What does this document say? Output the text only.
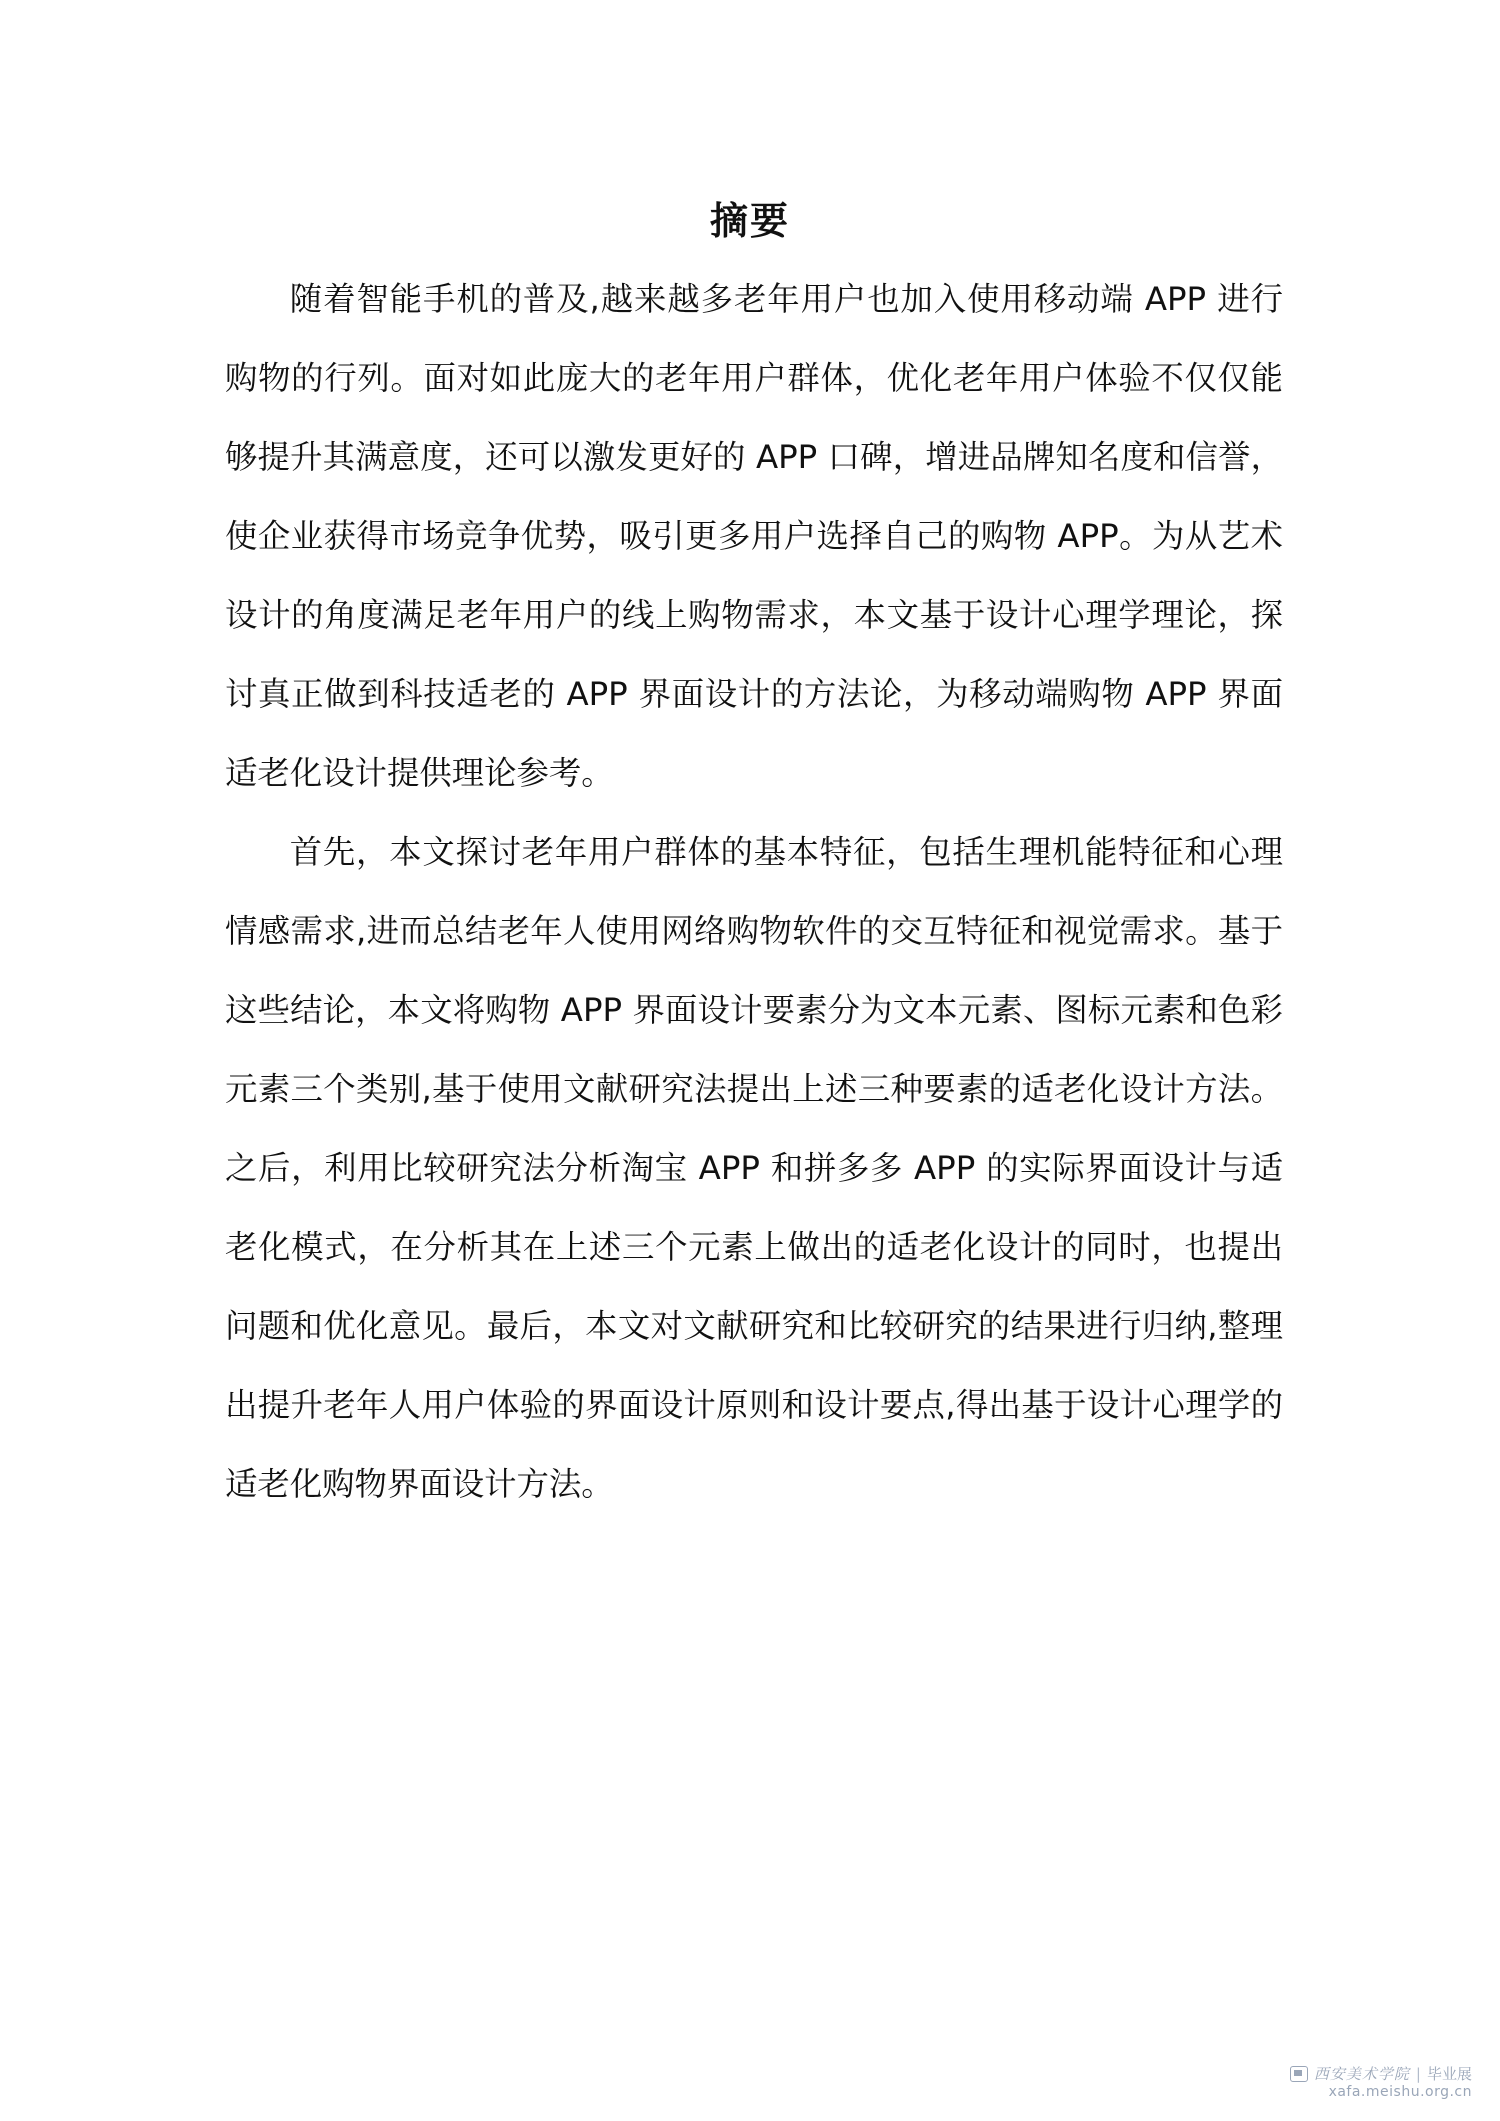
摘要

随着智能手机的普及,越来越多老年用户也加入使用移动端 APP 进行购物的行列。面对如此庞大的老年用户群体，优化老年用户体验不仅仅能够提升其满意度，还可以激发更好的 APP 口碑，增进品牌知名度和信誉，使企业获得市场竞争优势，吸引更多用户选择自己的购物 APP。为从艺术设计的角度满足老年用户的线上购物需求，本文基于设计心理学理论，探讨真正做到科技适老的 APP 界面设计的方法论，为移动端购物 APP 界面适老化设计提供理论参考。

首先，本文探讨老年用户群体的基本特征，包括生理机能特征和心理情感需求,进而总结老年人使用网络购物软件的交互特征和视觉需求。基于这些结论，本文将购物 APP 界面设计要素分为文本元素、图标元素和色彩元素三个类别,基于使用文献研究法提出上述三种要素的适老化设计方法。之后，利用比较研究法分析淘宝 APP 和拼多多 APP 的实际界面设计与适老化模式，在分析其在上述三个元素上做出的适老化设计的同时，也提出问题和优化意见。最后，本文对文献研究和比较研究的结果进行归纳,整理出提升老年人用户体验的界面设计原则和设计要点,得出基于设计心理学的适老化购物界面设计方法。

西安美术学院 | 毕业展
xafa.meishu.org.cn
